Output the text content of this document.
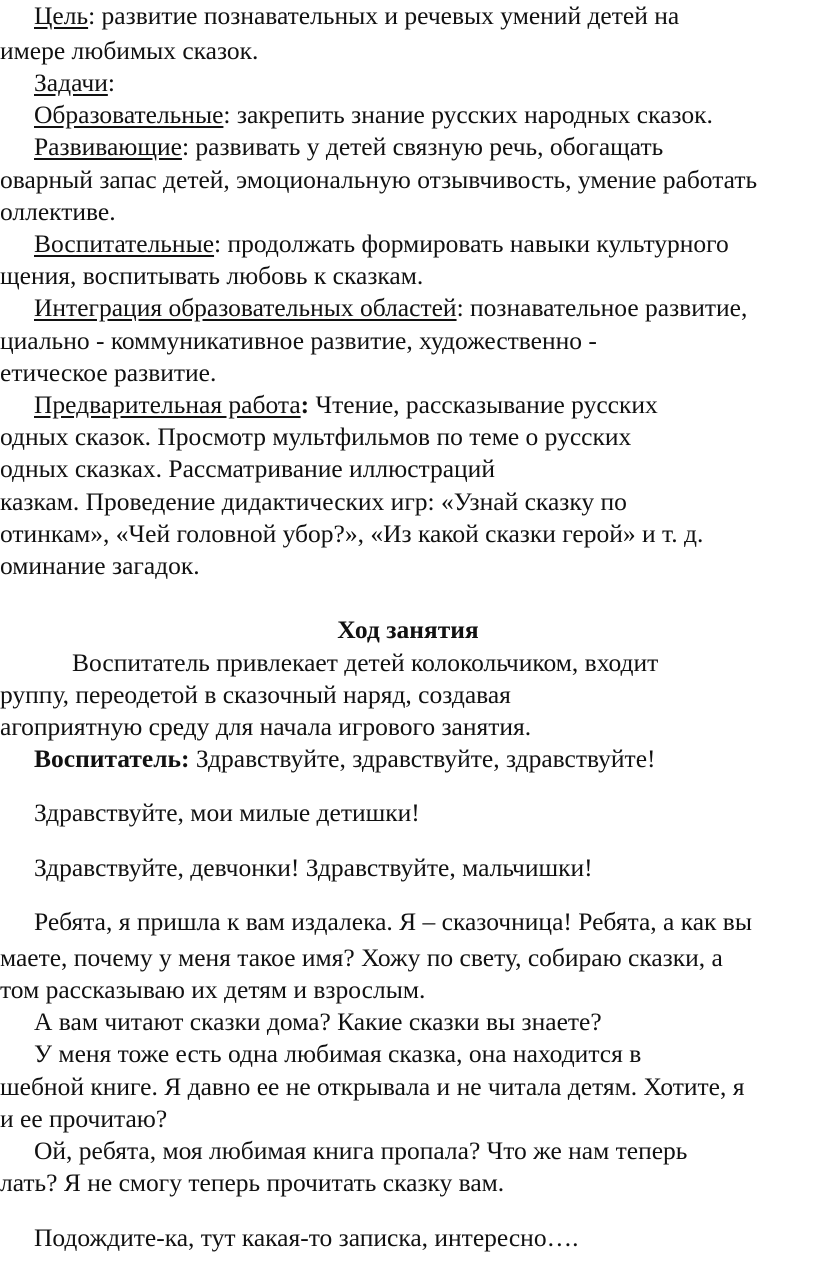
Цель: развитие познавательных и речевых умений детей на
имере любимых сказок.
Задачи:
Образовательные: закрепить знание русских народных сказок.
Развивающие: развивать у детей связную речь, обогащать
оварный запас детей, эмоциональную отзывчивость, умение работать
оллективе.
Воспитательные: продолжать формировать навыки культурного
щения, воспитывать любовь к сказкам.
Интеграция образовательных областей: познавательное развитие,
циально - коммуникативное развитие, художественно -
етическое развитие.
Предварительная работа: Чтение, рассказывание русских
одных сказок. Просмотр мультфильмов по теме о русских
одных сказках. Рассматривание иллюстраций
казкам. Проведение дидактических игр: «Узнай сказку по
отинкам», «Чей головной убор?», «Из какой сказки герой» и т. д.
оминание загадок.
Ход занятия
Воспитатель привлекает детей колокольчиком, входит
руппу, переодетой в сказочный наряд, создавая
агоприятную среду для начала игрового занятия.
Воспитатель: Здравствуйте, здравствуйте, здравствуйте!
Здравствуйте, мои милые детишки!
Здравствуйте, девчонки! Здравствуйте, мальчишки!
Ребята, я пришла к вам издалека. Я – сказочница! Ребята, а как вы
маете, почему у меня такое имя? Хожу по свету, собираю сказки, а
том рассказываю их детям и взрослым.
А вам читают сказки дома? Какие сказки вы знаете?
У меня тоже есть одна любимая сказка, она находится в
шебной книге. Я давно ее не открывала и не читала детям. Хотите, я
и ее прочитаю?
Ой, ребята, моя любимая книга пропала? Что же нам теперь
лать? Я не смогу теперь прочитать сказку вам.
Подождите-ка, тут какая-то записка, интересно….
